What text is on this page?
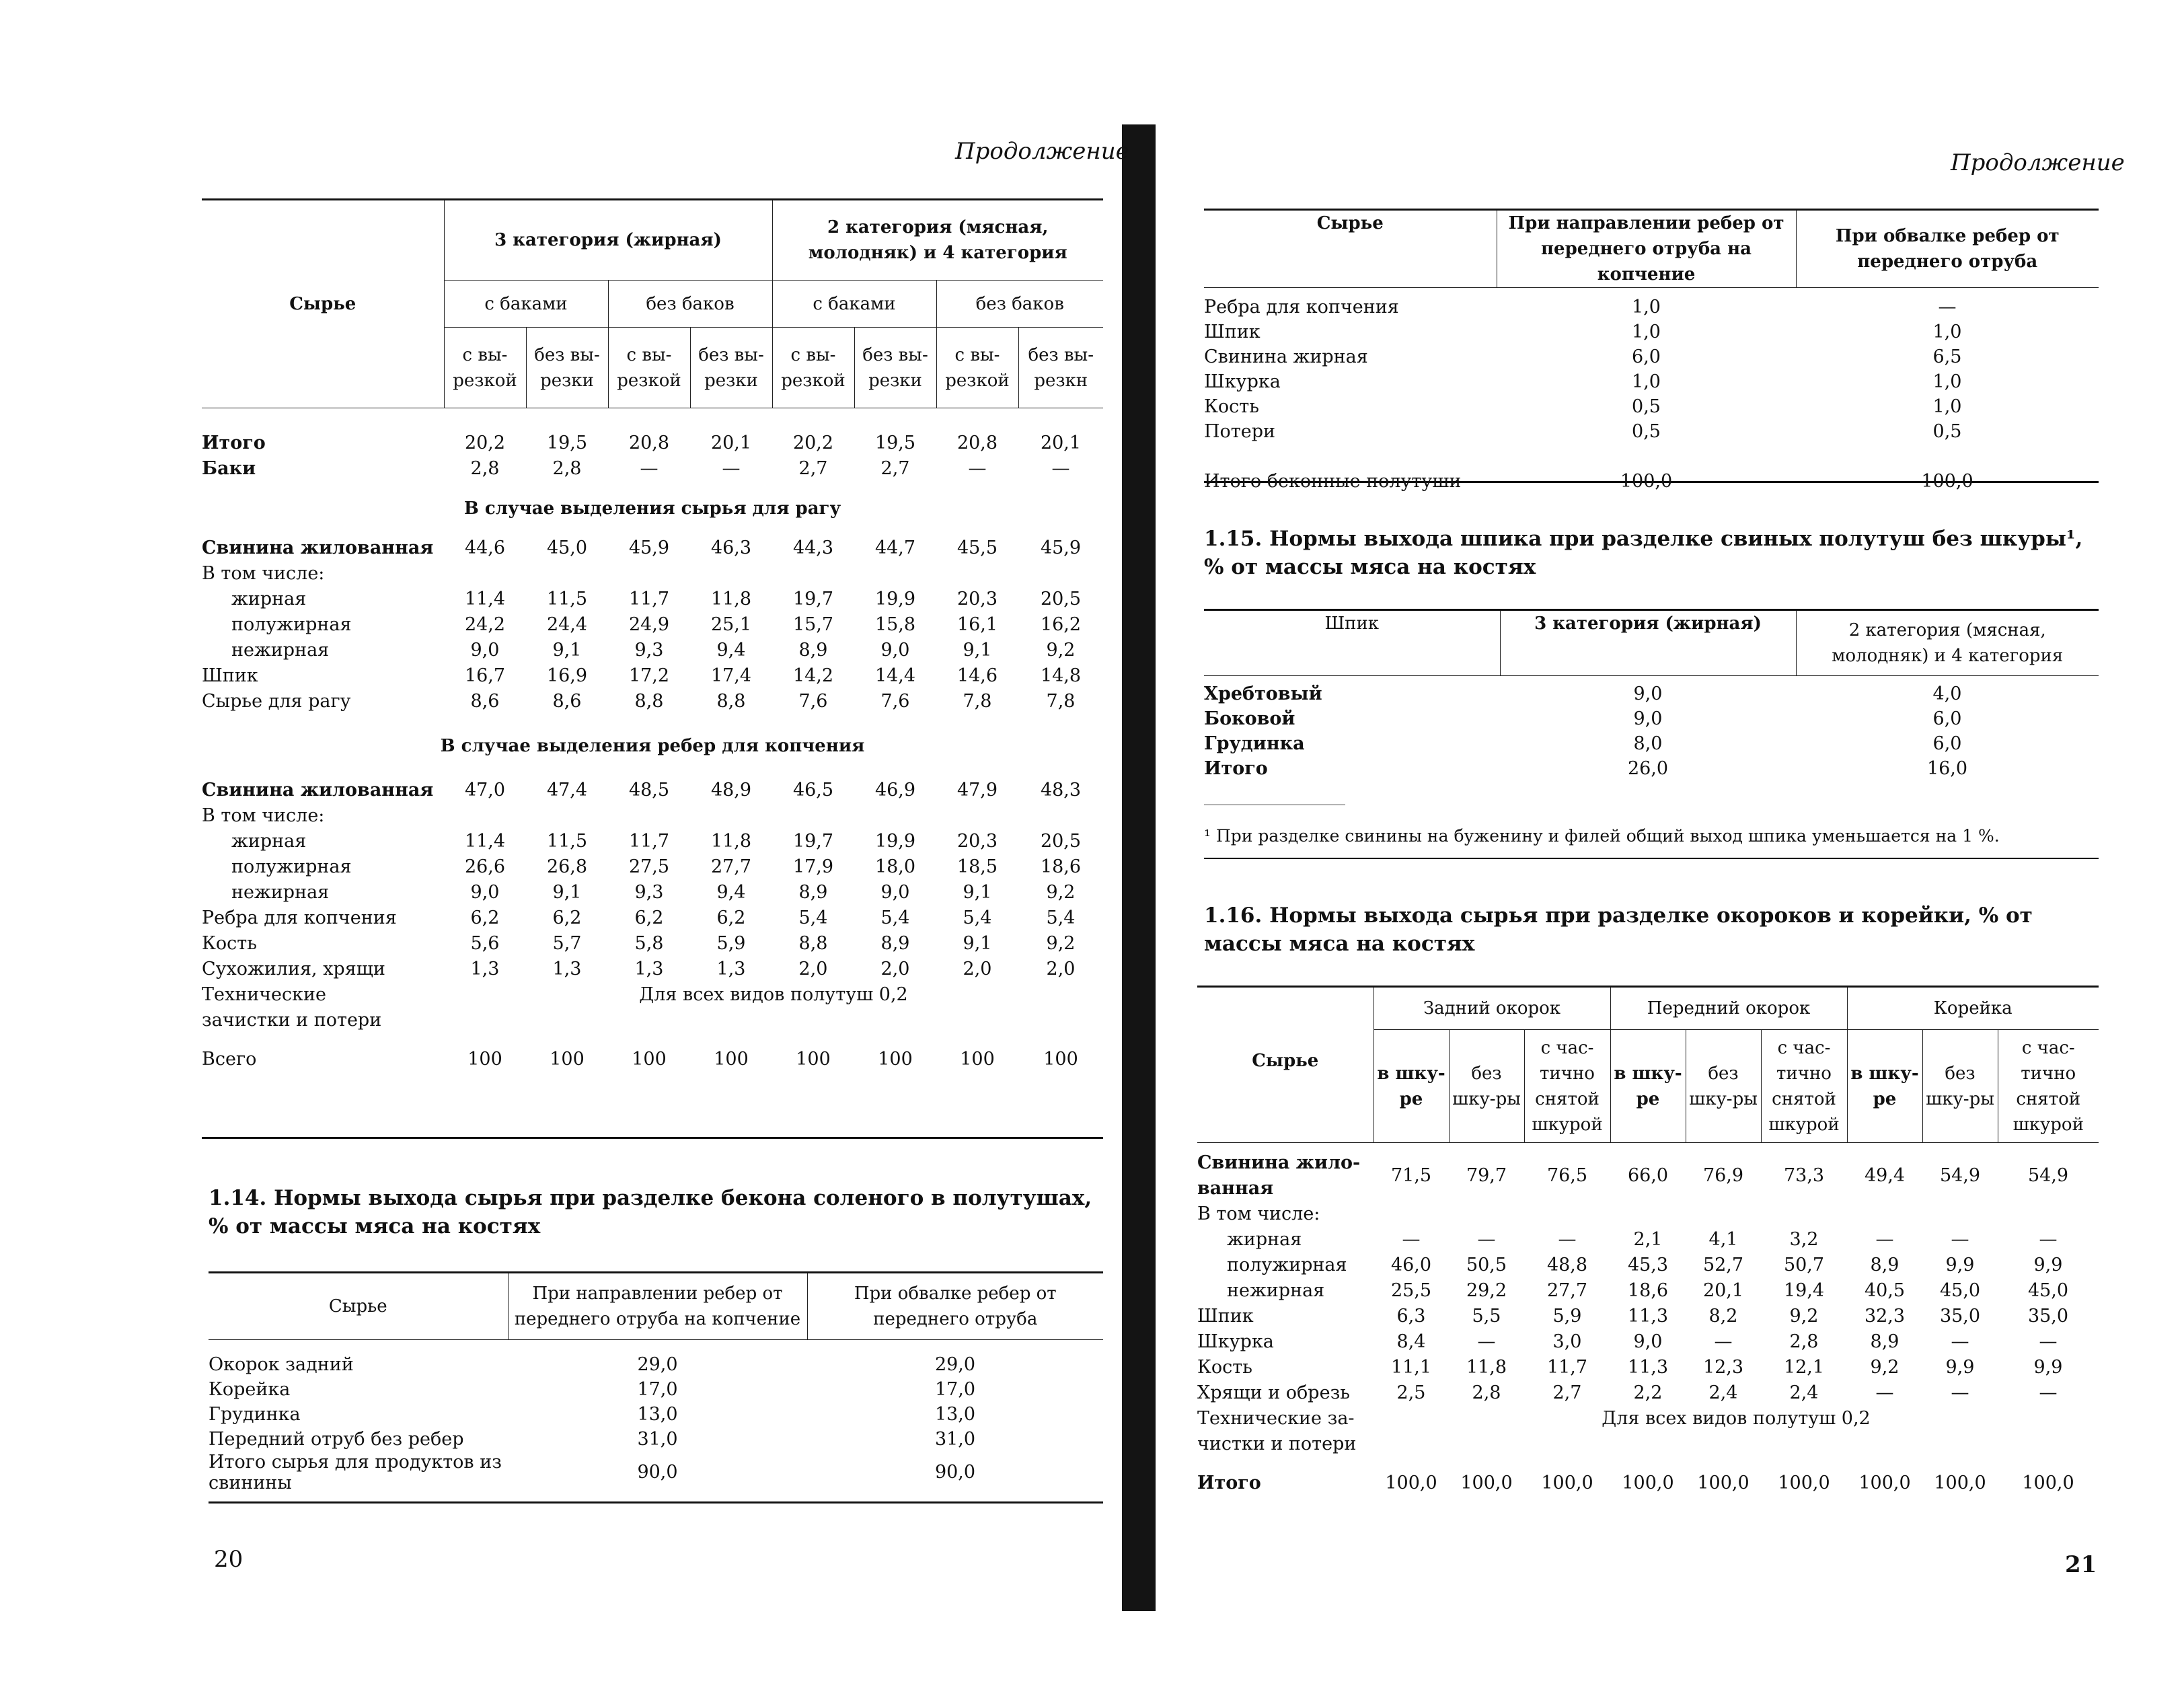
Продолжение
Сырье	3 категория (жирная)				2 категория (мясная, молодняк) и 4 категория			
	с баками		без баков		с баками		без баков	
	с вы-резкой	без вы-резки	с вы-резкой	без вы-резки	с вы-резкой	без вы-резки	с вы-резкой	без вы-резкн
Итого	20,2	19,5	20,8	20,1	20,2	19,5	20,8	20,1
Баки	2,8	2,8	—	—	2,7	2,7	—	—
В случае выделения сырья для рагу								
Свинина жилованная	44,6	45,0	45,9	46,3	44,3	44,7	45,5	45,9
В том числе:								
жирная	11,4	11,5	11,7	11,8	19,7	19,9	20,3	20,5
полужирная	24,2	24,4	24,9	25,1	15,7	15,8	16,1	16,2
нежирная	9,0	9,1	9,3	9,4	8,9	9,0	9,1	9,2
Шпик	16,7	16,9	17,2	17,4	14,2	14,4	14,6	14,8
Сырье для рагу	8,6	8,6	8,8	8,8	7,6	7,6	7,8	7,8
В случае выделения ребер для копчения								
Свинина жилованная	47,0	47,4	48,5	48,9	46,5	46,9	47,9	48,3
В том числе:								
жирная	11,4	11,5	11,7	11,8	19,7	19,9	20,3	20,5
полужирная	26,6	26,8	27,5	27,7	17,9	18,0	18,5	18,6
нежирная	9,0	9,1	9,3	9,4	8,9	9,0	9,1	9,2
Ребра для копчения	6,2	6,2	6,2	6,2	5,4	5,4	5,4	5,4
Кость	5,6	5,7	5,8	5,9	8,8	8,9	9,1	9,2
Сухожилия, хрящи	1,3	1,3	1,3	1,3	2,0	2,0	2,0	2,0
Технические
зачистки и потери	Для всех видов полутуш 0,2							

Всего	100	100	100	100	100	100	100	100
1.14. Нормы выхода сырья при разделке бекона соленого в полутушах, % от массы мяса на костях
Сырье	При направлении ребер от переднего отруба на копчение	При обвалке ребер от переднего отруба

Окорок задний	29,0	29,0
Корейка	17,0	17,0
Грудинка	13,0	13,0
Передний отруб без ребер	31,0	31,0
Итого сырья для продуктов из свинины	90,0	90,0
20
Продолжение
Сырье	При направлении ребер от переднего отруба на копчение	При обвалке ребер от переднего отруба

Ребра для копчения	1,0	—
Шпик	1,0	1,0
Свинина жирная	6,0	6,5
Шкурка	1,0	1,0
Кость	0,5	1,0
Потери	0,5	0,5

Итого беконные полутуши	100,0	100,0
1.15. Нормы выхода шпика при разделке свиных полутуш без шкуры¹, % от массы мяса на костях
Шпик	3 категория (жирная)	2 категория (мясная, молодняк) и 4 категория

Хребтовый	9,0	4,0
Боковой	9,0	6,0
Грудинка	8,0	6,0
Итого	26,0	16,0
¹ При разделке свинины на буженину и филей общий выход шпика уменьшается на 1 %.
1.16. Нормы выхода сырья при разделке окороков и корейки, % от массы мяса на костях
Сырье	Задний окорок			Передний окорок			Корейка		
	в шку-ре	без шку-ры	с час-тично снятой шкурой	в шку-ре	без шку-ры	с час-тично снятой шкурой	в шку-ре	без шку-ры	с час-тично снятой шкурой
Свинина жило-ванная	71,5	79,7	76,5	66,0	76,9	73,3	49,4	54,9	54,9
В том числе:									
жирная	—	—	—	2,1	4,1	3,2	—	—	—
полужирная	46,0	50,5	48,8	45,3	52,7	50,7	8,9	9,9	9,9
нежирная	25,5	29,2	27,7	18,6	20,1	19,4	40,5	45,0	45,0
Шпик	6,3	5,5	5,9	11,3	8,2	9,2	32,3	35,0	35,0
Шкурка	8,4	—	3,0	9,0	—	2,8	8,9	—	—
Кость	11,1	11,8	11,7	11,3	12,3	12,1	9,2	9,9	9,9
Хрящи и обрезь	2,5	2,8	2,7	2,2	2,4	2,4	—	—	—
Технические за-
чистки и потери	Для всех видов полутуш 0,2								

Итого	100,0	100,0	100,0	100,0	100,0	100,0	100,0	100,0	100,0
21
